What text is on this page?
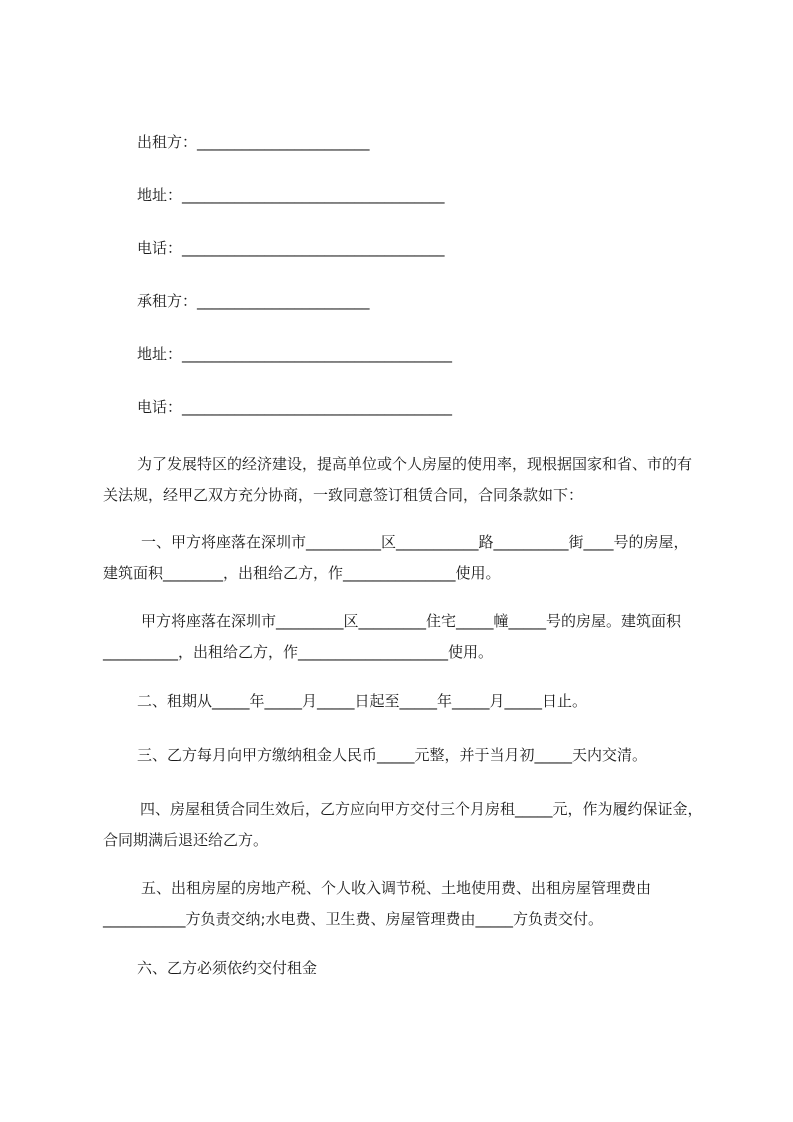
出租方：_______________________
地址：___________________________________
电话：___________________________________
承租方：_______________________
地址：____________________________________
电话：____________________________________
为了发展特区的经济建设，提高单位或个人房屋的使用率，现根据国家和省、市的有关法规，经甲乙双方充分协商，一致同意签订租赁合同，合同条款如下：
一、甲方将座落在深圳市__________区___________路__________街____号的房屋，建筑面积________，出租给乙方，作_______________使用。
甲方将座落在深圳市_________区_________住宅_____幢_____号的房屋。建筑面积__________，出租给乙方，作____________________使用。
二、租期从_____年_____月_____日起至_____年_____月_____日止。
三、乙方每月向甲方缴纳租金人民币_____元整，并于当月初_____天内交清。
四、房屋租赁合同生效后，乙方应向甲方交付三个月房租_____元，作为履约保证金，合同期满后退还给乙方。
五、出租房屋的房地产税、个人收入调节税、土地使用费、出租房屋管理费由___________方负责交纳;水电费、卫生费、房屋管理费由_____方负责交付。
六、乙方必须依约交付租金
